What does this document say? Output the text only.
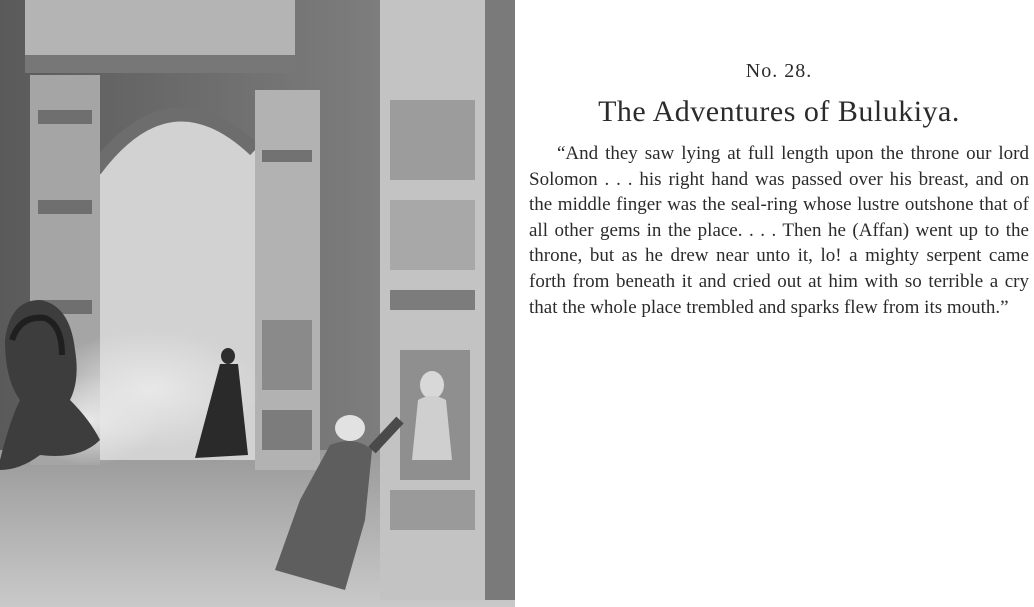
No. 28.

The Adventures of Bulukiya.

“And they saw lying at full length upon the throne our lord Solomon . . . his right hand was passed over his breast, and on the middle finger was the seal-ring whose lustre outshone that of all other gems in the place. . . . Then he (Affan) went up to the throne, but as he drew near unto it, lo! a mighty serpent came forth from beneath it and cried out at him with so terrible a cry that the whole place trembled and sparks flew from its mouth.”
